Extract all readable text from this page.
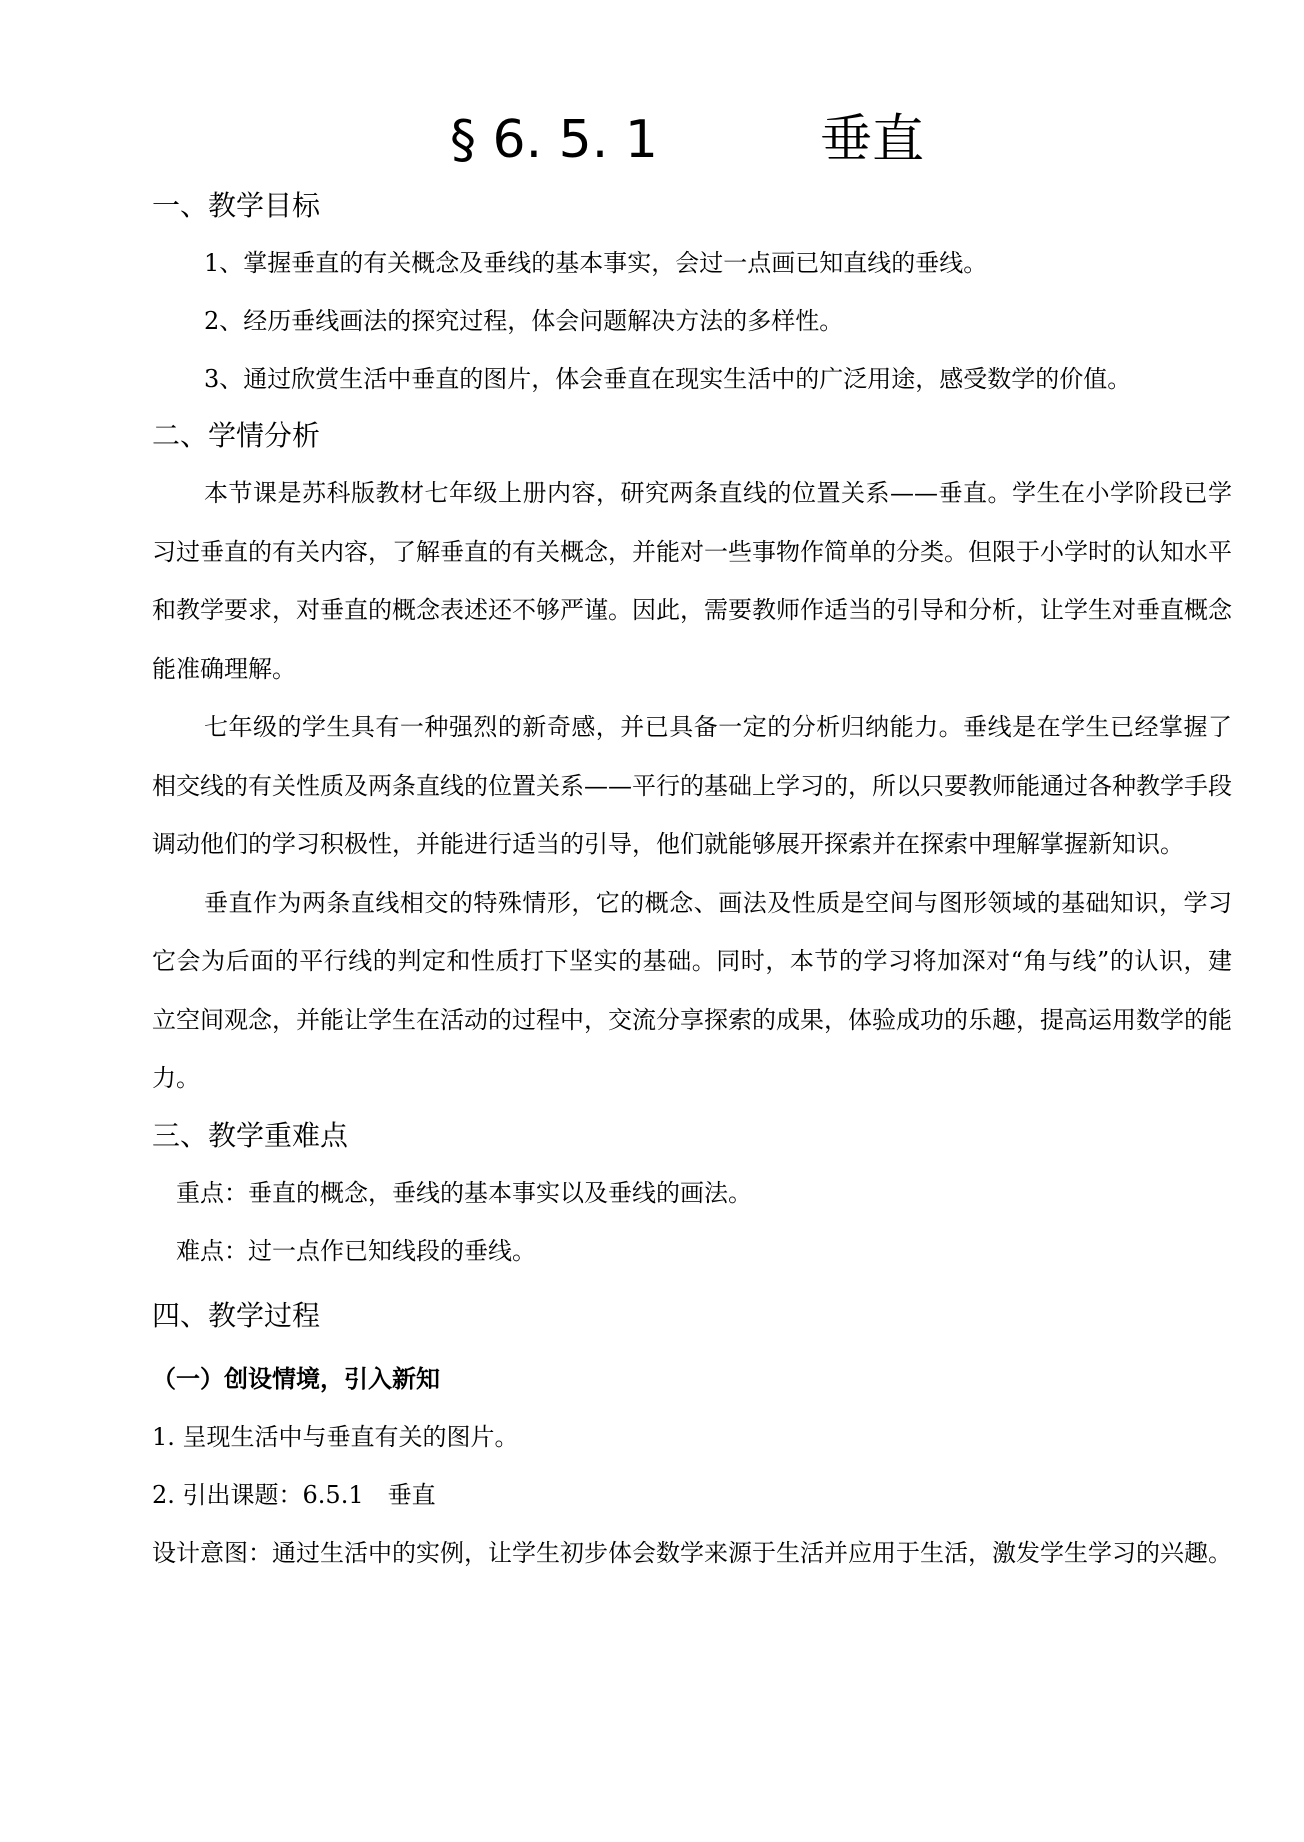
§ 6. 5. 1	垂直
一、教学目标

1、掌握垂直的有关概念及垂线的基本事实，会过一点画已知直线的垂线。

2、经历垂线画法的探究过程，体会问题解决方法的多样性。

3、通过欣赏生活中垂直的图片，体会垂直在现实生活中的广泛用途，感受数学的价值。

二、学情分析

本节课是苏科版教材七年级上册内容，研究两条直线的位置关系——垂直。学生在小学阶段已学习过垂直的有关内容，了解垂直的有关概念，并能对一些事物作简单的分类。但限于小学时的认知水平和教学要求，对垂直的概念表述还不够严谨。因此，需要教师作适当的引导和分析，让学生对垂直概念能准确理解。

七年级的学生具有一种强烈的新奇感，并已具备一定的分析归纳能力。垂线是在学生已经掌握了相交线的有关性质及两条直线的位置关系——平行的基础上学习的，所以只要教师能通过各种教学手段调动他们的学习积极性，并能进行适当的引导，他们就能够展开探索并在探索中理解掌握新知识。

垂直作为两条直线相交的特殊情形，它的概念、画法及性质是空间与图形领域的基础知识，学习它会为后面的平行线的判定和性质打下坚实的基础。同时，本节的学习将加深对“角与线”的认识，建立空间观念，并能让学生在活动的过程中，交流分享探索的成果，体验成功的乐趣，提高运用数学的能力。

三、教学重难点

重点：垂直的概念，垂线的基本事实以及垂线的画法。

难点：过一点作已知线段的垂线。

四、教学过程

（一）创设情境，引入新知

1. 呈现生活中与垂直有关的图片。

2. 引出课题：6.5.1　垂直

设计意图：通过生活中的实例，让学生初步体会数学来源于生活并应用于生活，激发学生学习的兴趣。
